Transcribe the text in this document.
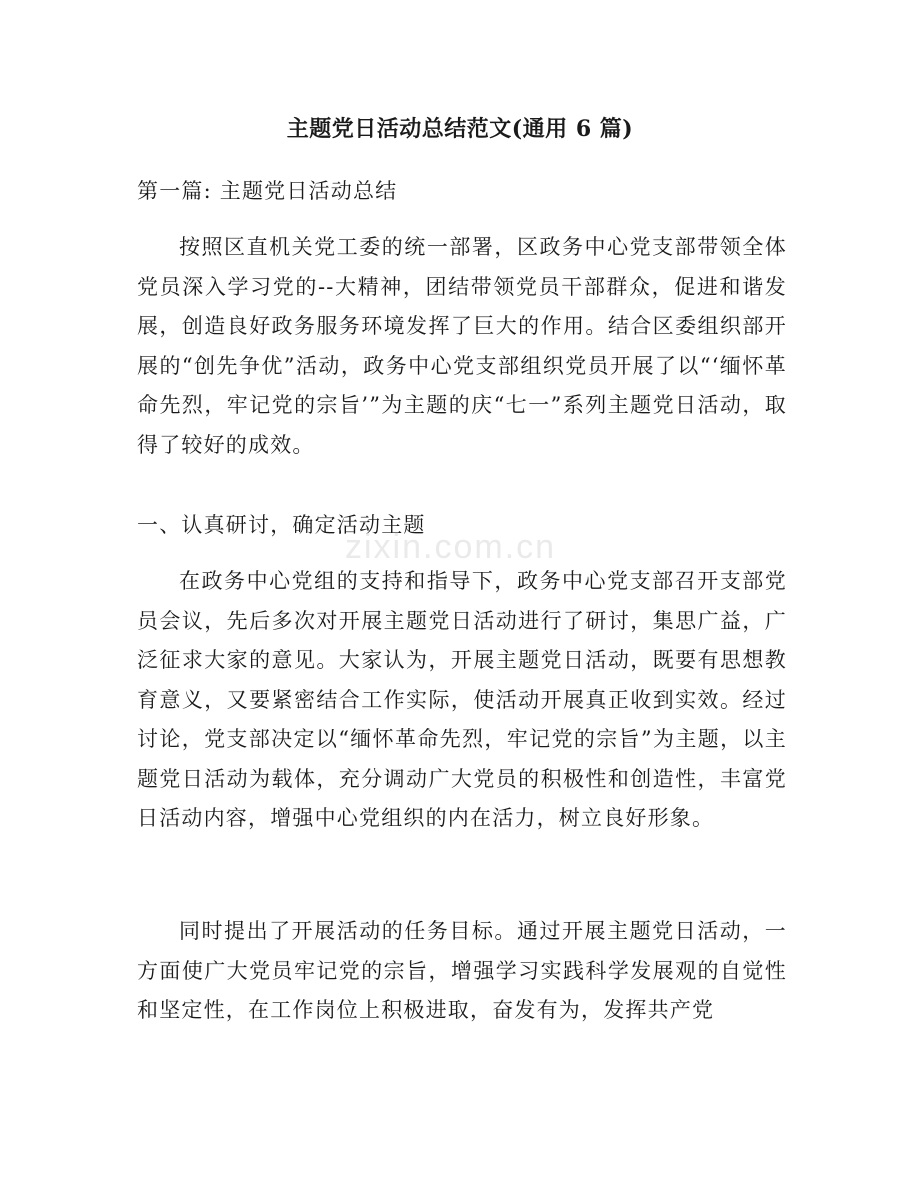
主题党日活动总结范文(通用 6 篇)
第一篇: 主题党日活动总结
按照区直机关党工委的统一部署，区政务中心党支部带领全体党员深入学习党的--大精神，团结带领党员干部群众，促进和谐发展，创造良好政务服务环境发挥了巨大的作用。结合区委组织部开展的“创先争优”活动，政务中心党支部组织党员开展了以“‘缅怀革命先烈，牢记党的宗旨’”为主题的庆“七一”系列主题党日活动，取得了较好的成效。
一、认真研讨，确定活动主题
在政务中心党组的支持和指导下，政务中心党支部召开支部党员会议，先后多次对开展主题党日活动进行了研讨，集思广益，广泛征求大家的意见。大家认为，开展主题党日活动，既要有思想教育意义，又要紧密结合工作实际，使活动开展真正收到实效。经过讨论，党支部决定以“缅怀革命先烈，牢记党的宗旨”为主题，以主题党日活动为载体，充分调动广大党员的积极性和创造性，丰富党日活动内容，增强中心党组织的内在活力，树立良好形象。
同时提出了开展活动的任务目标。通过开展主题党日活动，一方面使广大党员牢记党的宗旨，增强学习实践科学发展观的自觉性和坚定性，在工作岗位上积极进取，奋发有为，发挥共产党
zixin.com.cn
